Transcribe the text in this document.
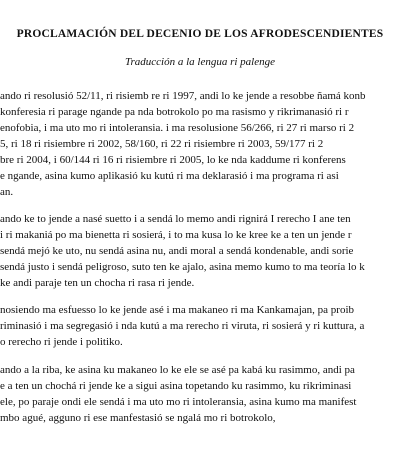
PROCLAMACIÓN DEL DECENIO DE LOS AFRODESCENDIENTES
Traducción a la lengua ri palenge
ando ri resolusió 52/11, ri risiemb re ri 1997, andi lo ke jende a resobbe ñamá konb
konferesia ri parage ngande pa nda botrokolo po ma rasismo y rikrimanasió ri r
enofobia, i ma uto mo ri intoleransia. i ma resolusione 56/266, ri 27 ri marso ri 2
5, ri 18 ri risiembre ri 2002, 58/160, ri 22 ri risiembre ri 2003, 59/177 ri 2
bre ri 2004, i 60/144 ri 16 ri risiembre ri 2005, lo ke nda kaddume ri konferens
e ngande, asina kumo aplikasió ku kutú ri ma deklarasió i ma programa ri asi
an.
ando ke to jende a nasé suetto i a sendá lo memo andi rignirá I rerecho I ane ten
i ri makaniá po ma bienetta ri sosierá, i to ma kusa lo ke kree ke a ten un jende r
sendá mejó ke uto, nu sendá asina nu, andi moral a sendá kondenable, andi sorie
sendá justo i sendá peligroso, suto ten ke ajalo, asina memo kumo to ma teoría lo k
ke andi paraje ten un chocha ri rasa ri jende.
nosiendo ma esfuesso lo ke jende asé i ma makaneo ri ma Kankamajan, pa proib
riminasió i ma segregasió i nda kutú a ma rerecho ri viruta, ri sosierá y ri kuttura, a
o rerecho ri jende i politiko.
ando a la riba, ke asina ku makaneo lo ke ele se asé pa kabá ku rasimmo, andi pa
e a ten un chochá ri jende ke a sigui asina topetando ku rasimmo, ku rikriminasi
ele, po paraje ondi ele sendá i ma uto mo ri intoleransia, asina kumo ma manifest
mbo agué, agguno ri ese manfestasió se ngalá mo ri botrokolo,
